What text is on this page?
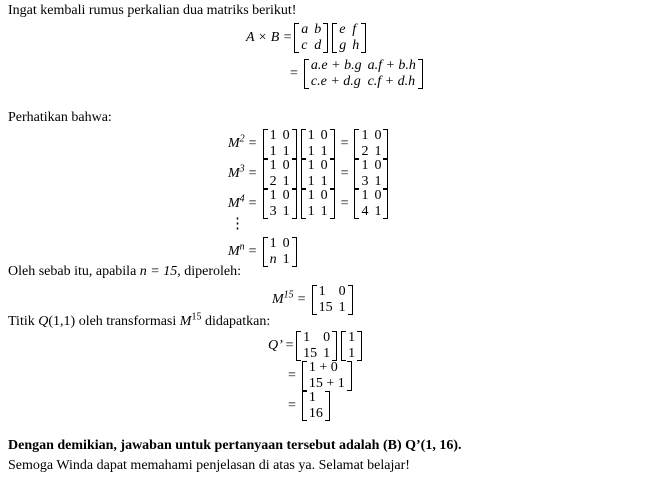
Ingat kembali rumus perkalian dua matriks berikut!
A × B =
a b
c d
e f
g h
=
a.e + b.g a.f + b.h
c.e + d.g c.f + d.h
Perhatikan bahwa:
$M^2$ =
1 0
1 1
1 0
1 1
=
1 0
2 1
$M^3$ =
1 0
2 1
1 0
1 1
=
1 0
3 1
$M^4$ =
1 0
3 1
1 0
1 1
=
1 0
4 1
⋮
$M^n$ =
1 0
n 1
Oleh sebab itu, apabila n = 15, diperoleh:
$M^{15}$ =
1 0
15 1
Titik Q(1,1) oleh transformasi $M^{15}$ didapatkan:
Q’ =
1 0
15 1
1
1
=
1 + 0
15 + 1
=
1
16
Dengan demikian, jawaban untuk pertanyaan tersebut adalah (B) Q’(1, 16).
Semoga Winda dapat memahami penjelasan di atas ya. Selamat belajar!
